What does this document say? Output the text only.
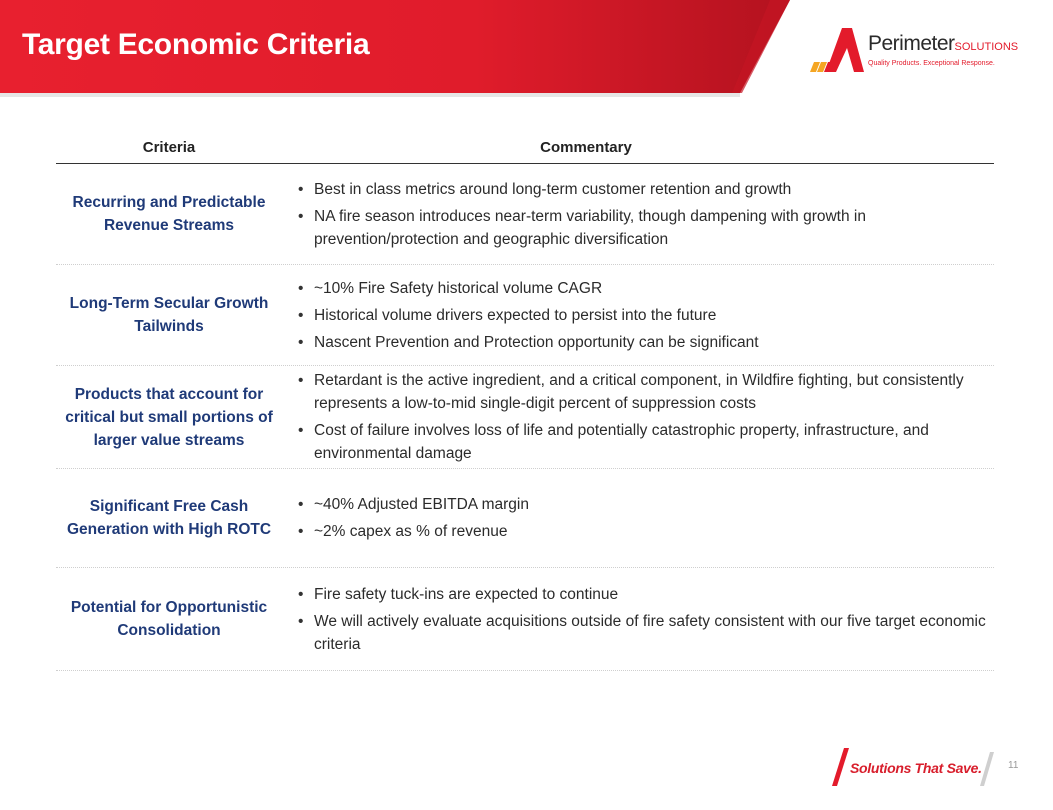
Target Economic Criteria	PerimeterSOLUTIONS
Quality Products. Exceptional Response.
Criteria	Commentary
Recurring and Predictable Revenue Streams
• Best in class metrics around long-term customer retention and growth
• NA fire season introduces near-term variability, though dampening with growth in prevention/protection and geographic diversification
Long-Term Secular Growth Tailwinds
• ~10% Fire Safety historical volume CAGR
• Historical volume drivers expected to persist into the future
• Nascent Prevention and Protection opportunity can be significant
Products that account for critical but small portions of larger value streams
• Retardant is the active ingredient, and a critical component, in Wildfire fighting, but consistently represents a low-to-mid single-digit percent of suppression costs
• Cost of failure involves loss of life and potentially catastrophic property, infrastructure, and environmental damage
Significant Free Cash Generation with High ROTC
• ~40% Adjusted EBITDA margin
• ~2% capex as % of revenue
Potential for Opportunistic Consolidation
• Fire safety tuck-ins are expected to continue
• We will actively evaluate acquisitions outside of fire safety consistent with our five target economic criteria
Solutions That Save.	11
